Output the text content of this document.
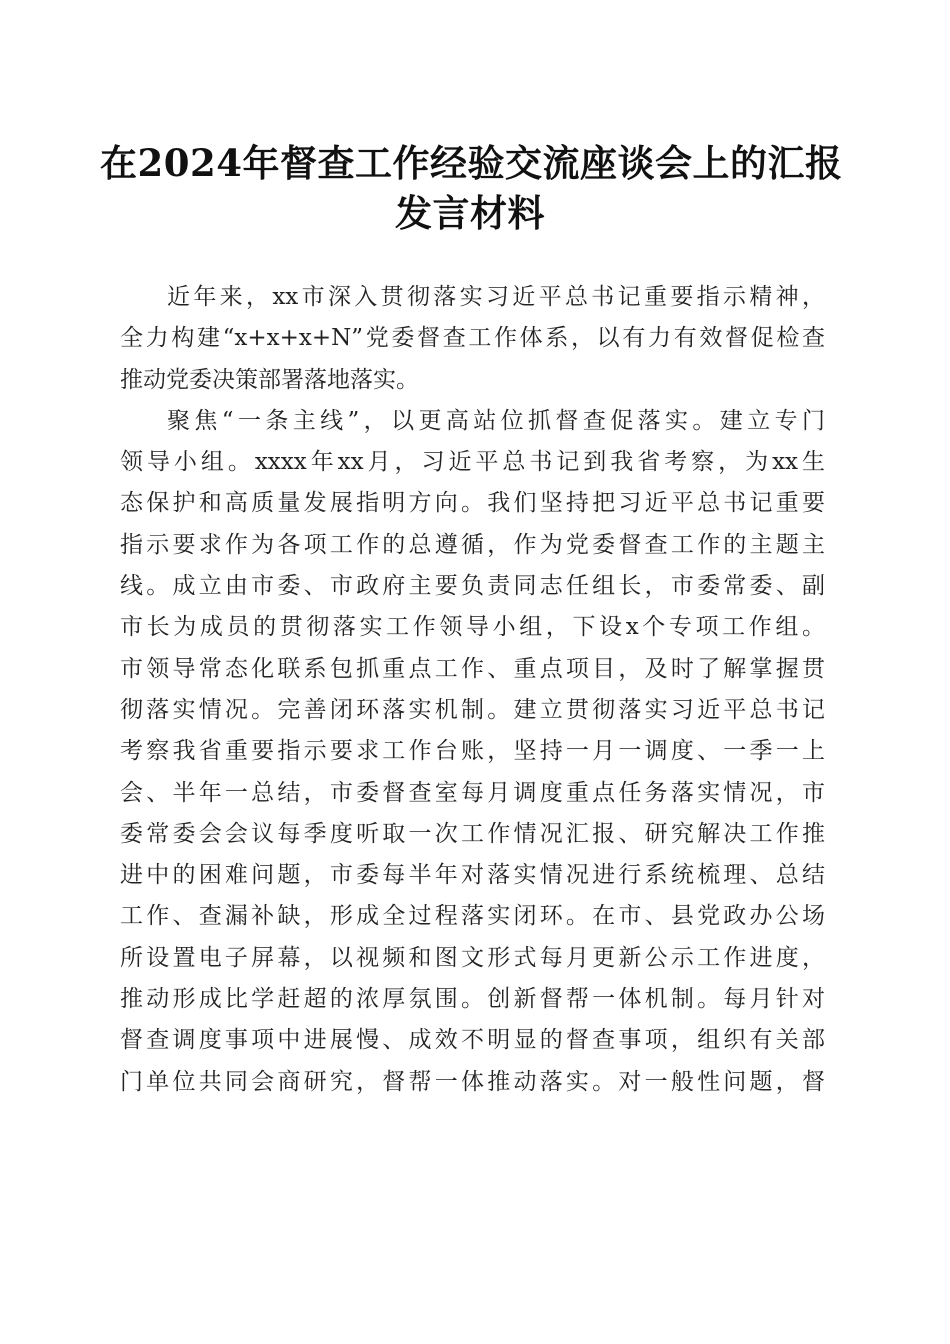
在2024年督查工作经验交流座谈会上的汇报
发言材料
近年来，xx市深入贯彻落实习近平总书记重要指示精神，
全力构建“x+x+x+N”党委督查工作体系，以有力有效督促检查
推动党委决策部署落地落实。
聚焦“一条主线”，以更高站位抓督查促落实。建立专门
领导小组。xxxx年xx月，习近平总书记到我省考察，为xx生
态保护和高质量发展指明方向。我们坚持把习近平总书记重要
指示要求作为各项工作的总遵循，作为党委督查工作的主题主
线。成立由市委、市政府主要负责同志任组长，市委常委、副
市长为成员的贯彻落实工作领导小组，下设x个专项工作组。
市领导常态化联系包抓重点工作、重点项目，及时了解掌握贯
彻落实情况。完善闭环落实机制。建立贯彻落实习近平总书记
考察我省重要指示要求工作台账，坚持一月一调度、一季一上
会、半年一总结，市委督查室每月调度重点任务落实情况，市
委常委会会议每季度听取一次工作情况汇报、研究解决工作推
进中的困难问题，市委每半年对落实情况进行系统梳理、总结
工作、查漏补缺，形成全过程落实闭环。在市、县党政办公场
所设置电子屏幕，以视频和图文形式每月更新公示工作进度，
推动形成比学赶超的浓厚氛围。创新督帮一体机制。每月针对
督查调度事项中进展慢、成效不明显的督查事项，组织有关部
门单位共同会商研究，督帮一体推动落实。对一般性问题，督
